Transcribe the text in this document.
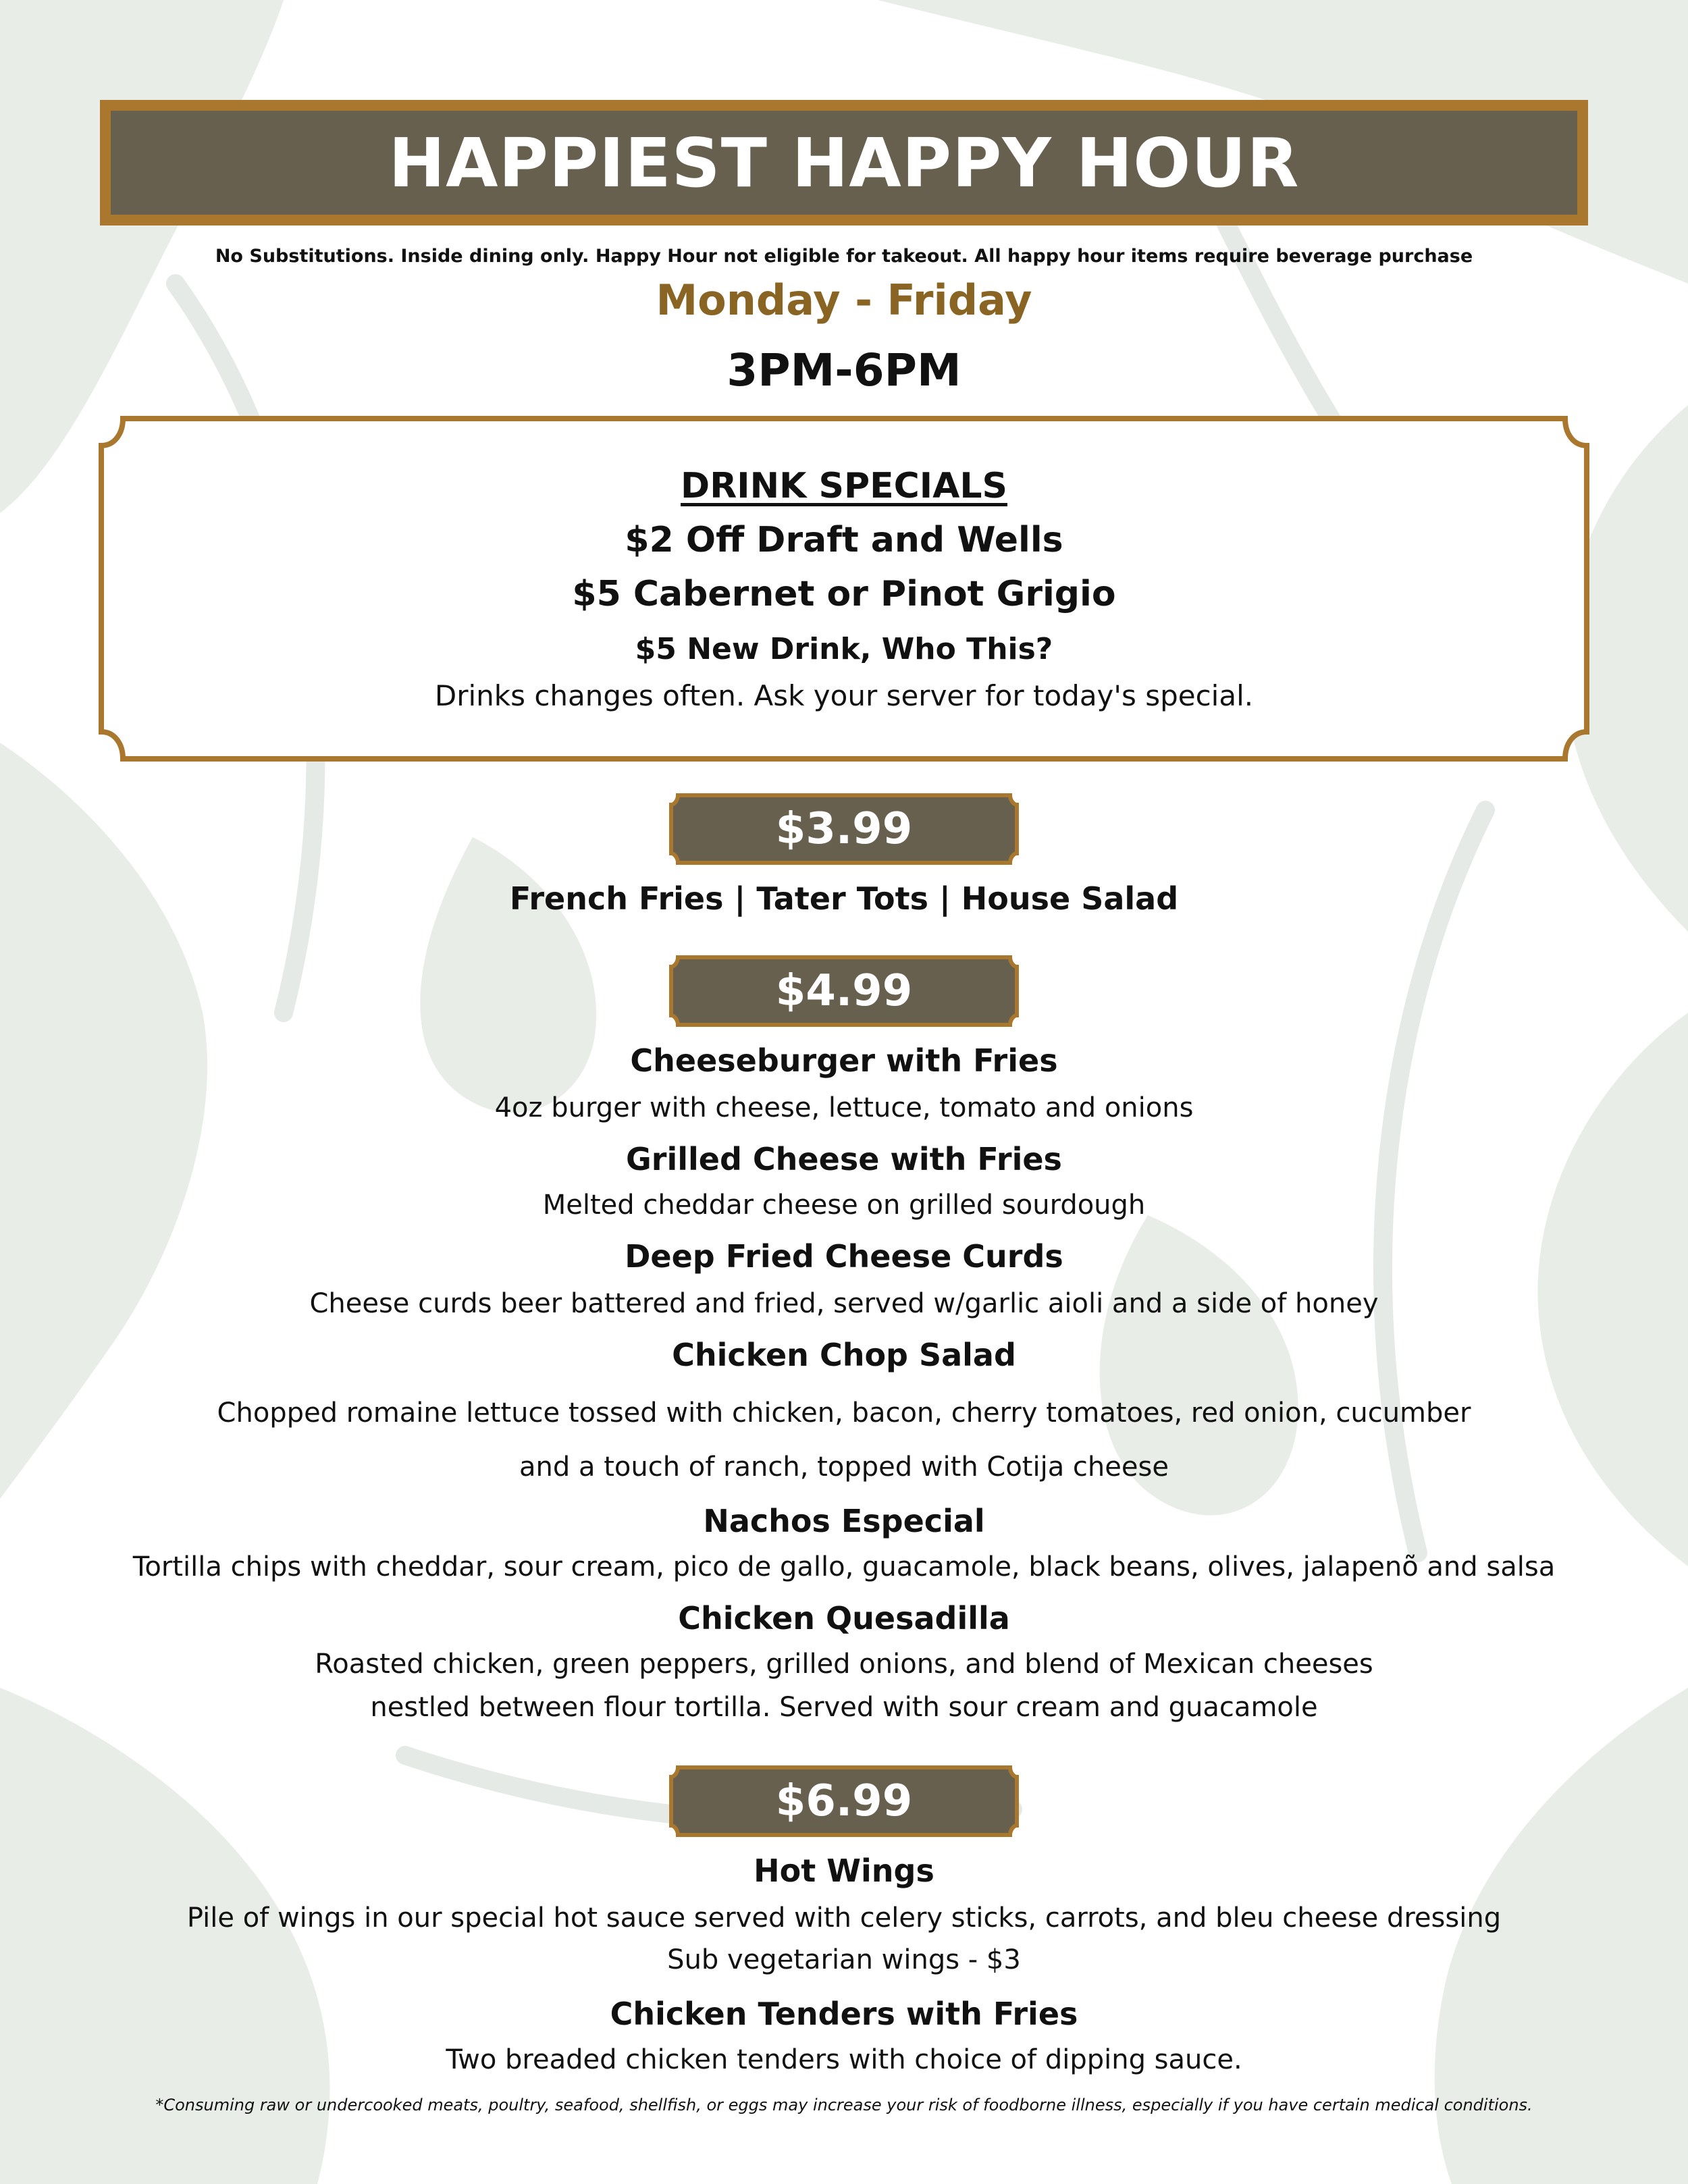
HAPPIEST HAPPY HOUR
No Substitutions. Inside dining only. Happy Hour not eligible for takeout. All happy hour items require beverage purchase
Monday - Friday
3PM-6PM
DRINK SPECIALS
$2 Off Draft and Wells
$5 Cabernet or Pinot Grigio
$5 New Drink, Who This?
Drinks changes often. Ask your server for today's special.
$3.99
French Fries | Tater Tots | House Salad
$4.99
Cheeseburger with Fries
4oz burger with cheese, lettuce, tomato and onions
Grilled Cheese with Fries
Melted cheddar cheese on grilled sourdough
Deep Fried Cheese Curds
Cheese curds beer battered and fried, served w/garlic aioli and a side of honey
Chicken Chop Salad
Chopped romaine lettuce tossed with chicken, bacon, cherry tomatoes, red onion, cucumber
and a touch of ranch, topped with Cotija cheese
Nachos Especial
Tortilla chips with cheddar, sour cream, pico de gallo, guacamole, black beans, olives, jalapenõ and salsa
Chicken Quesadilla
Roasted chicken, green peppers, grilled onions, and blend of Mexican cheeses
nestled between flour tortilla. Served with sour cream and guacamole
$6.99
Hot Wings
Pile of wings in our special hot sauce served with celery sticks, carrots, and bleu cheese dressing
Sub vegetarian wings - $3
Chicken Tenders with Fries
Two breaded chicken tenders with choice of dipping sauce.
*Consuming raw or undercooked meats, poultry, seafood, shellfish, or eggs may increase your risk of foodborne illness, especially if you have certain medical conditions.
